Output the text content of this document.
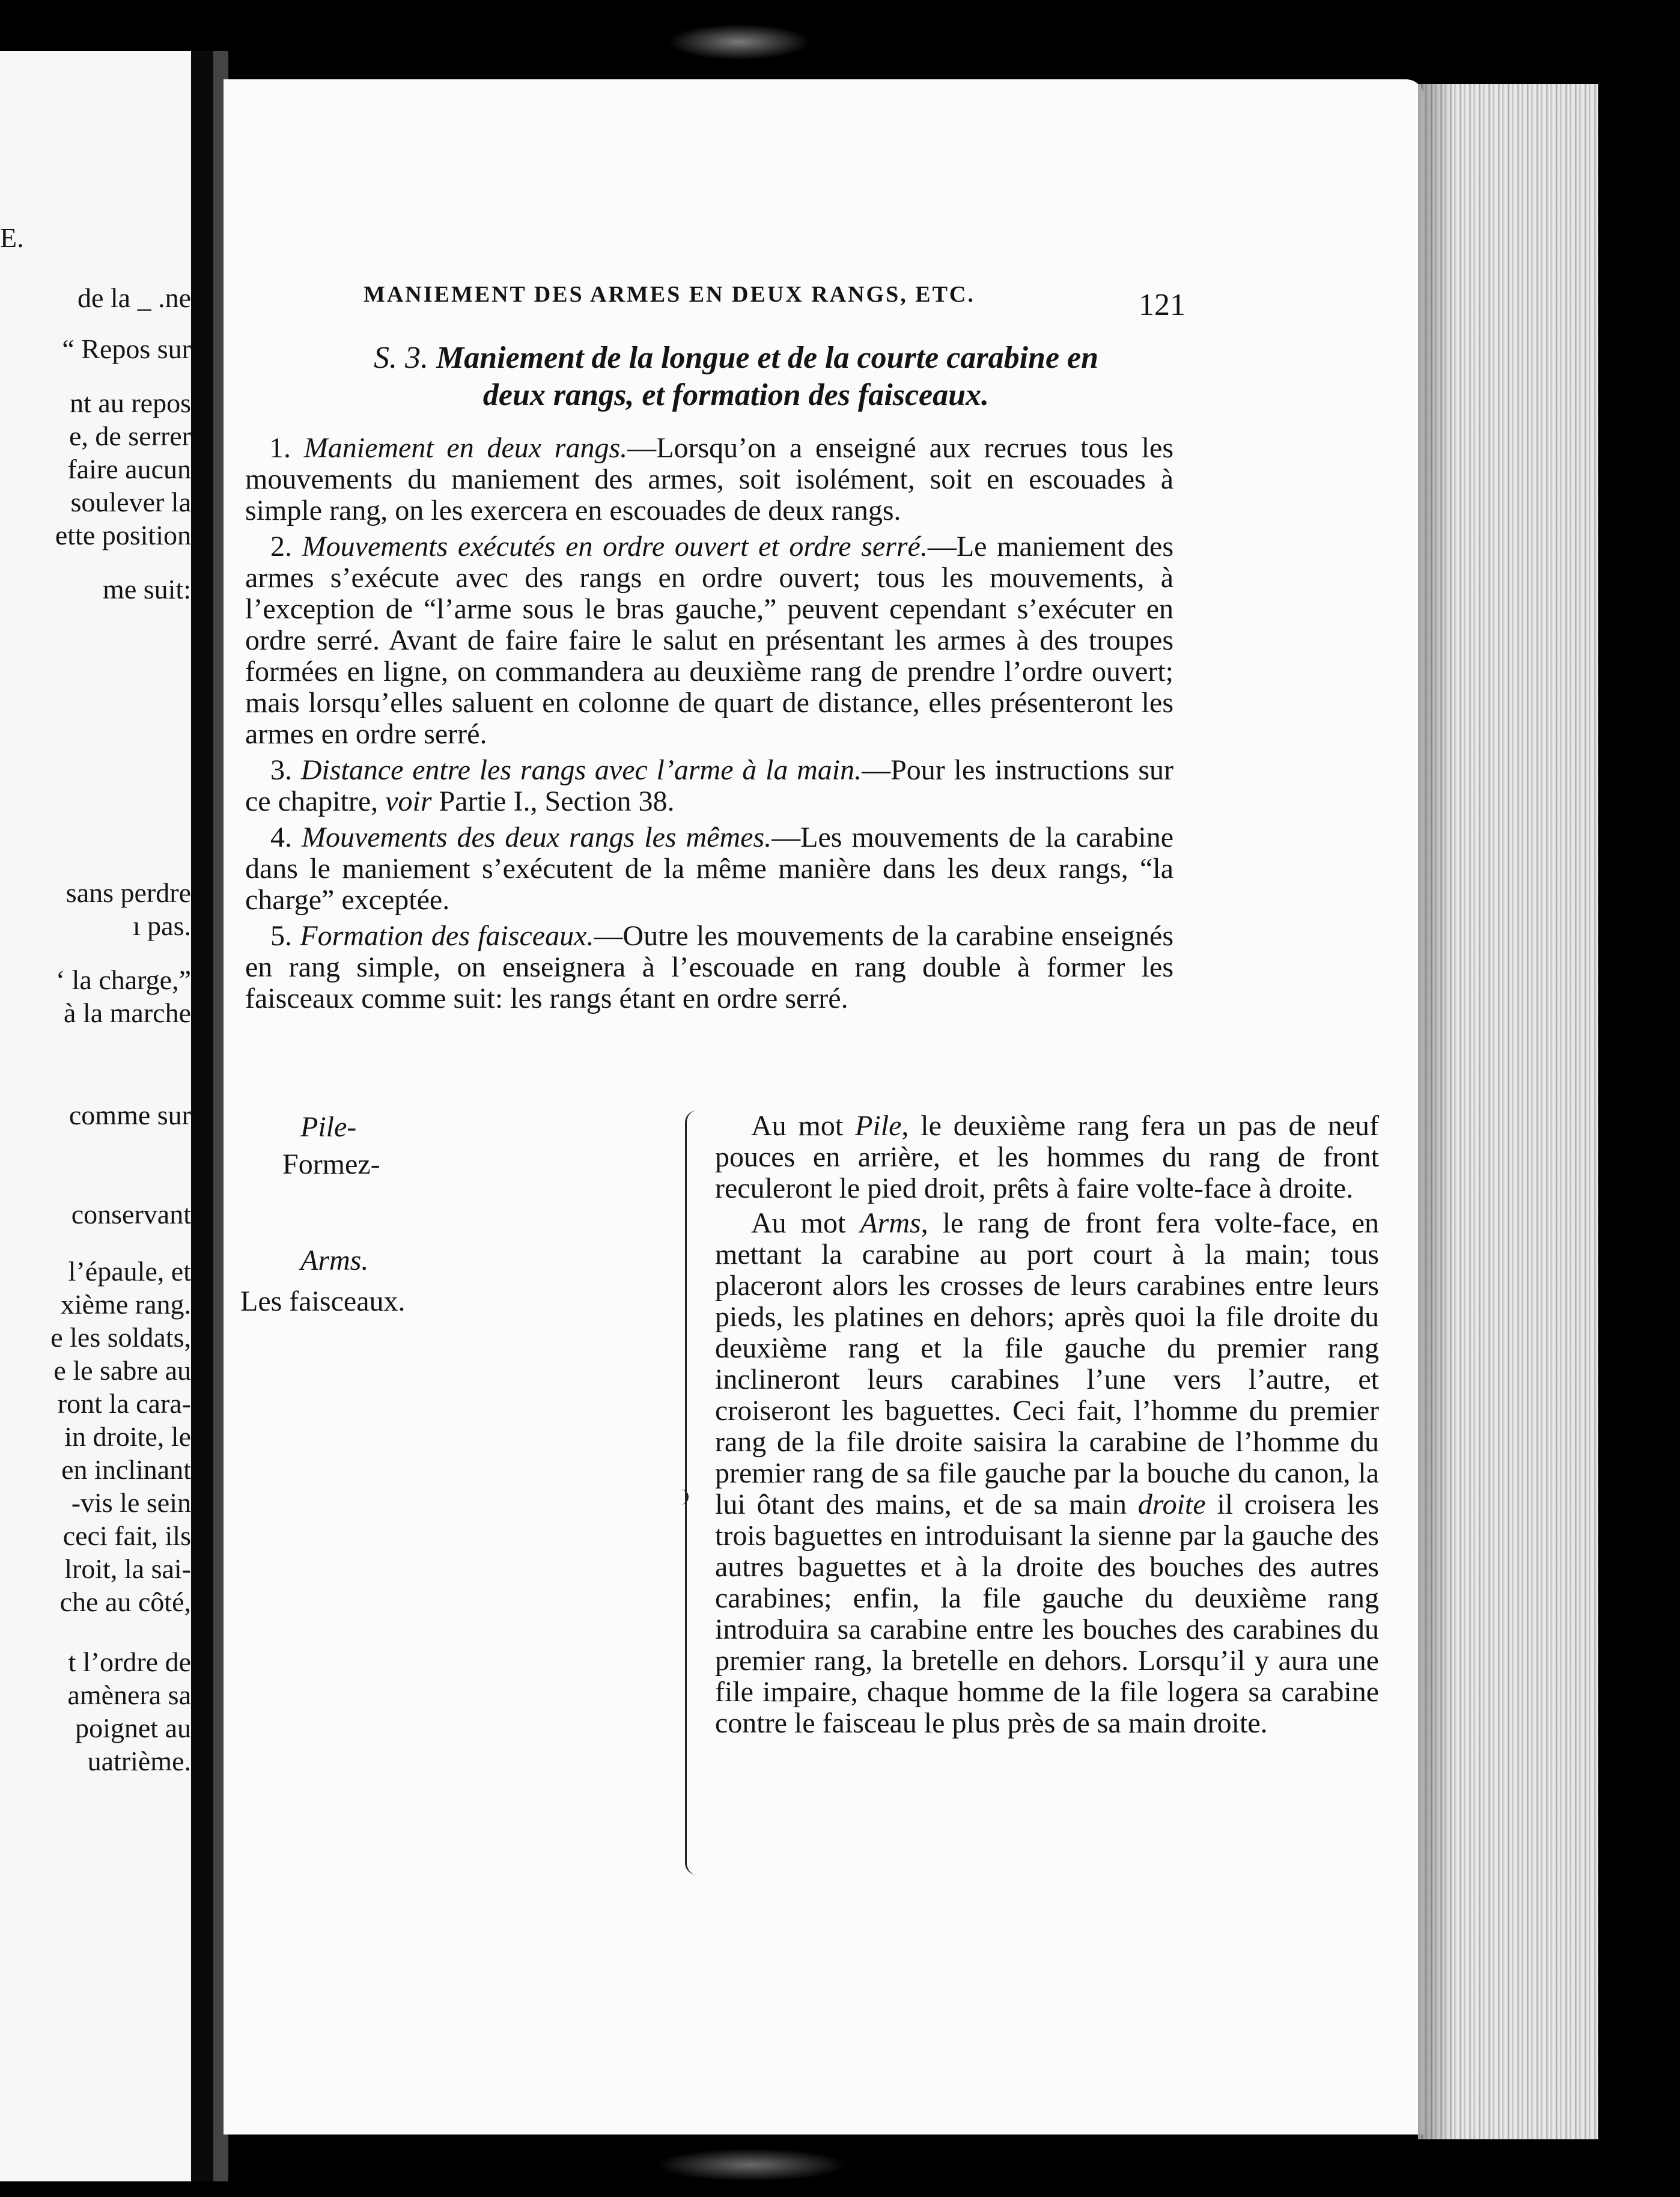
E.
de la _ .ne
“ Repos sur
nt au repos
e, de serrer
faire aucun
soulever la
ette position
me suit:
sans perdre
ı pas.
‘ la charge,”
à la marche
comme sur
conservant
l’épaule, et
xième rang.
e les soldats,
e le sabre au
ront la cara-
in droite, le
en inclinant
-vis le sein
ceci fait, ils
lroit, la sai-
che au côté,
t l’ordre de
amènera sa
poignet au
uatrième.
MANIEMENT DES ARMES EN DEUX RANGS, ETC.	121
S. 3. Maniement de la longue et de la courte carabine en
deux rangs, et formation des faisceaux.

1. Maniement en deux rangs.—Lorsqu’on a enseigné aux recrues tous les mouvements du maniement des armes, soit isolément, soit en escouades à simple rang, on les exercera en escouades de deux rangs.

2. Mouvements exécutés en ordre ouvert et ordre serré.—Le maniement des armes s’exécute avec des rangs en ordre ouvert; tous les mouvements, à l’exception de “l’arme sous le bras gauche,” peuvent cependant s’exécuter en ordre serré. Avant de faire faire le salut en présentant les armes à des troupes formées en ligne, on commandera au deuxième rang de prendre l’ordre ouvert; mais lorsqu’elles saluent en colonne de quart de distance, elles présenteront les armes en ordre serré.

3. Distance entre les rangs avec l’arme à la main.—Pour les instructions sur ce chapitre, voir Partie I., Section 38.

4. Mouvements des deux rangs les mêmes.—Les mouvements de la carabine dans le maniement s’exécutent de la même manière dans les deux rangs, “la charge” exceptée.

5. Formation des faisceaux.—Outre les mouvements de la carabine enseignés en rang simple, on enseignera à l’escouade en rang double à former les faisceaux comme suit: les rangs étant en ordre serré.

Pile-
Formez-
Arms.
Les faisceaux.

Au mot Pile, le deuxième rang fera un pas de neuf pouces en arrière, et les hommes du rang de front reculeront le pied droit, prêts à faire volte-face à droite.

Au mot Arms, le rang de front fera volte-face, en mettant la carabine au port court à la main; tous placeront alors les crosses de leurs carabines entre leurs pieds, les platines en dehors; après quoi la file droite du deuxième rang et la file gauche du premier rang inclineront leurs carabines l’une vers l’autre, et croiseront les baguettes. Ceci fait, l’homme du premier rang de la file droite saisira la carabine de l’homme du premier rang de sa file gauche par la bouche du canon, la lui ôtant des mains, et de sa main droite il croisera les trois baguettes en introduisant la sienne par la gauche des autres baguettes et à la droite des bouches des autres carabines; enfin, la file gauche du deuxième rang introduira sa carabine entre les bouches des carabines du premier rang, la bretelle en dehors. Lorsqu’il y aura une file impaire, chaque homme de la file logera sa carabine contre le faisceau le plus près de sa main droite.
